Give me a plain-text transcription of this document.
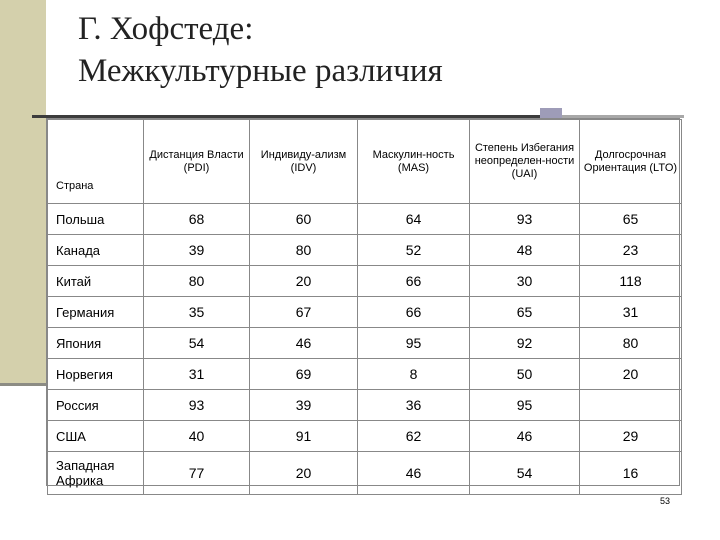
Г. Хофстеде:
Межкультурные различия
Страна	Дистанция Власти (PDI)	Индивиду-ализм (IDV)	Маскулин-ность (MAS)	Степень Избегания неопределен-ности (UAI)	Долгосрочная Ориентация (LTO)
Польша	68	60	64	93	65
Канада	39	80	52	48	23
Китай	80	20	66	30	118
Германия	35	67	66	65	31
Япония	54	46	95	92	80
Норвегия	31	69	8	50	20
Россия	93	39	36	95	
США	40	91	62	46	29
Западная Африка	77	20	46	54	16
53
